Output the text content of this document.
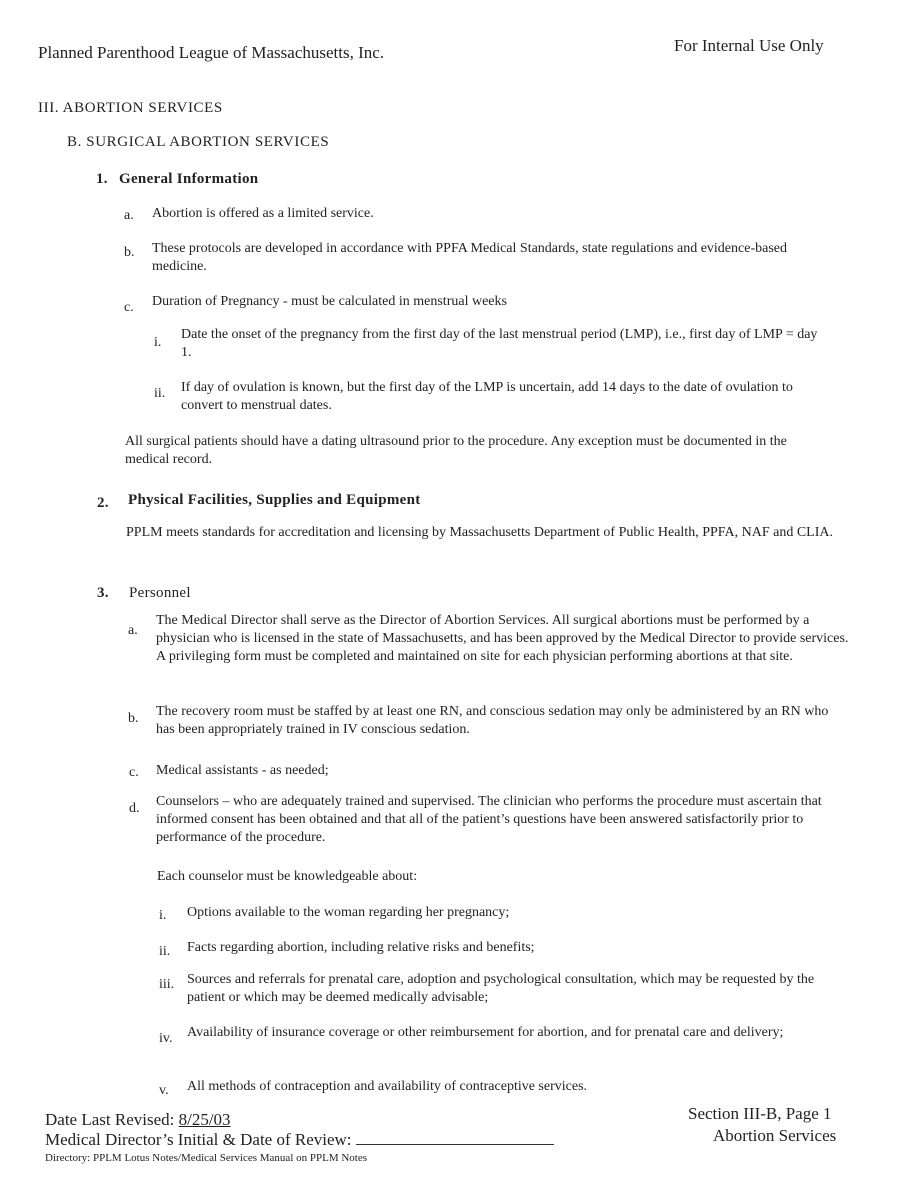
Planned Parenthood League of Massachusetts, Inc.	For Internal Use Only
III. ABORTION SERVICES
B. SURGICAL ABORTION SERVICES
1. General Information
a. Abortion is offered as a limited service.
b. These protocols are developed in accordance with PPFA Medical Standards, state regulations and evidence-based medicine.
c. Duration of Pregnancy - must be calculated in menstrual weeks
i.
Date the onset of the pregnancy from the first day of the last menstrual period (LMP), i.e., first day of LMP = day 1.
ii. If day of ovulation is known, but the first day of the LMP is uncertain, add 14 days to the date of ovulation to convert to menstrual dates.
All surgical patients should have a dating ultrasound prior to the procedure. Any exception must be documented in the medical record.
2. Physical Facilities, Supplies and Equipment
PPLM meets standards for accreditation and licensing by Massachusetts Department of Public Health, PPFA, NAF and CLIA.
3. Personnel
a.
The Medical Director shall serve as the Director of Abortion Services. All surgical abortions must be performed by a physician who is licensed in the state of Massachusetts, and has been approved by the Medical Director to provide services. A privileging form must be completed and maintained on site for each physician performing abortions at that site.
b. The recovery room must be staffed by at least one RN, and conscious sedation may only be administered by an RN who has been appropriately trained in IV conscious sedation.
c. Medical assistants - as needed;
d. Counselors – who are adequately trained and supervised. The clinician who performs the procedure must ascertain that informed consent has been obtained and that all of the patient’s questions have been answered satisfactorily prior to performance of the procedure.
Each counselor must be knowledgeable about:
i. Options available to the woman regarding her pregnancy;
ii. Facts regarding abortion, including relative risks and benefits;
iii. Sources and referrals for prenatal care, adoption and psychological consultation, which may be requested by the patient or which may be deemed medically advisable;
iv. Availability of insurance coverage or other reimbursement for abortion, and for prenatal care and delivery;
v. All methods of contraception and availability of contraceptive services.
Date Last Revised: 8/25/03
Medical Director’s Initial & Date of Review:
Directory: PPLM Lotus Notes/Medical Services Manual on PPLM Notes
Section III-B, Page 1
Abortion Services
